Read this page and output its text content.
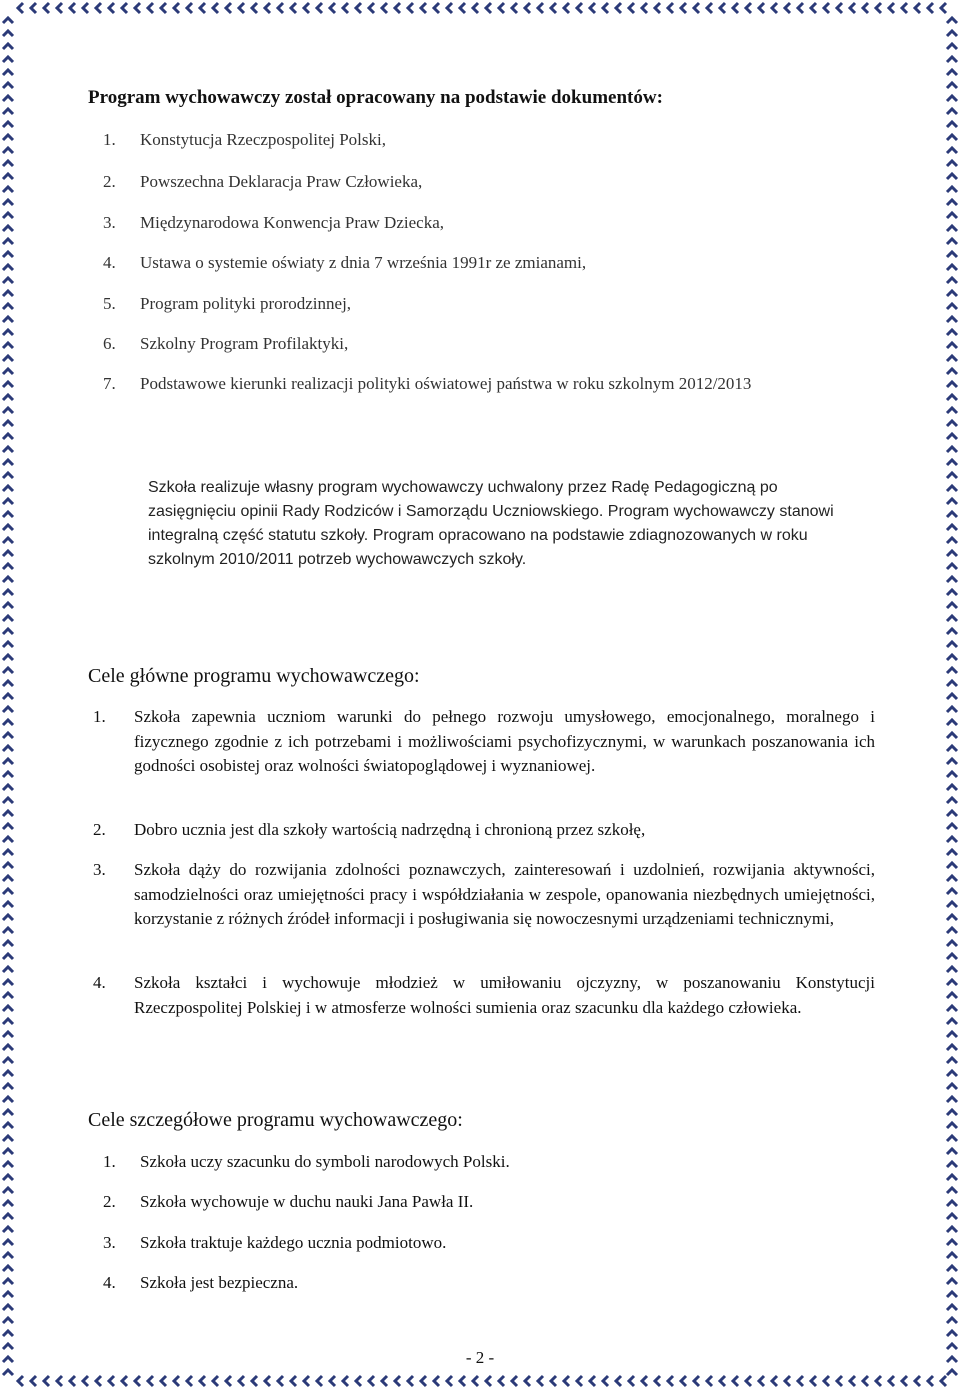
Program wychowawczy został opracowany na podstawie dokumentów:
1. Konstytucja Rzeczpospolitej Polski,
2. Powszechna Deklaracja Praw Człowieka,
3. Międzynarodowa Konwencja Praw Dziecka,
4. Ustawa o systemie oświaty z dnia 7 września 1991r ze zmianami,
5. Program polityki prorodzinnej,
6. Szkolny Program Profilaktyki,
7. Podstawowe kierunki realizacji polityki oświatowej państwa w roku szkolnym 2012/2013
Szkoła realizuje własny program wychowawczy uchwalony przez Radę Pedagogiczną po zasięgnięciu opinii Rady Rodziców i Samorządu Uczniowskiego. Program wychowawczy stanowi integralną część statutu szkoły. Program opracowano na podstawie zdiagnozowanych w roku szkolnym 2010/2011 potrzeb wychowawczych szkoły.
Cele główne programu wychowawczego:
1. Szkoła zapewnia uczniom warunki do pełnego rozwoju umysłowego, emocjonalnego, moralnego i fizycznego zgodnie z ich potrzebami i możliwościami psychofizycznymi, w warunkach poszanowania ich godności osobistej oraz wolności światopoglądowej i wyznaniowej.
2. Dobro ucznia jest dla szkoły wartością nadrzędną i chronioną przez szkołę,
3. Szkoła dąży do rozwijania zdolności poznawczych, zainteresowań i uzdolnień, rozwijania aktywności, samodzielności oraz umiejętności pracy i współdziałania w zespole, opanowania niezbędnych umiejętności, korzystanie z różnych źródeł informacji i posługiwania się nowoczesnymi urządzeniami technicznymi,
4. Szkoła kształci i wychowuje młodzież w umiłowaniu ojczyzny, w poszanowaniu Konstytucji Rzeczpospolitej Polskiej i w atmosferze wolności sumienia oraz szacunku dla każdego człowieka.
Cele szczegółowe programu wychowawczego:
1. Szkoła uczy szacunku do symboli narodowych Polski.
2. Szkoła wychowuje w duchu nauki Jana Pawła II.
3. Szkoła traktuje każdego ucznia podmiotowo.
4. Szkoła jest bezpieczna.
- 2 -
